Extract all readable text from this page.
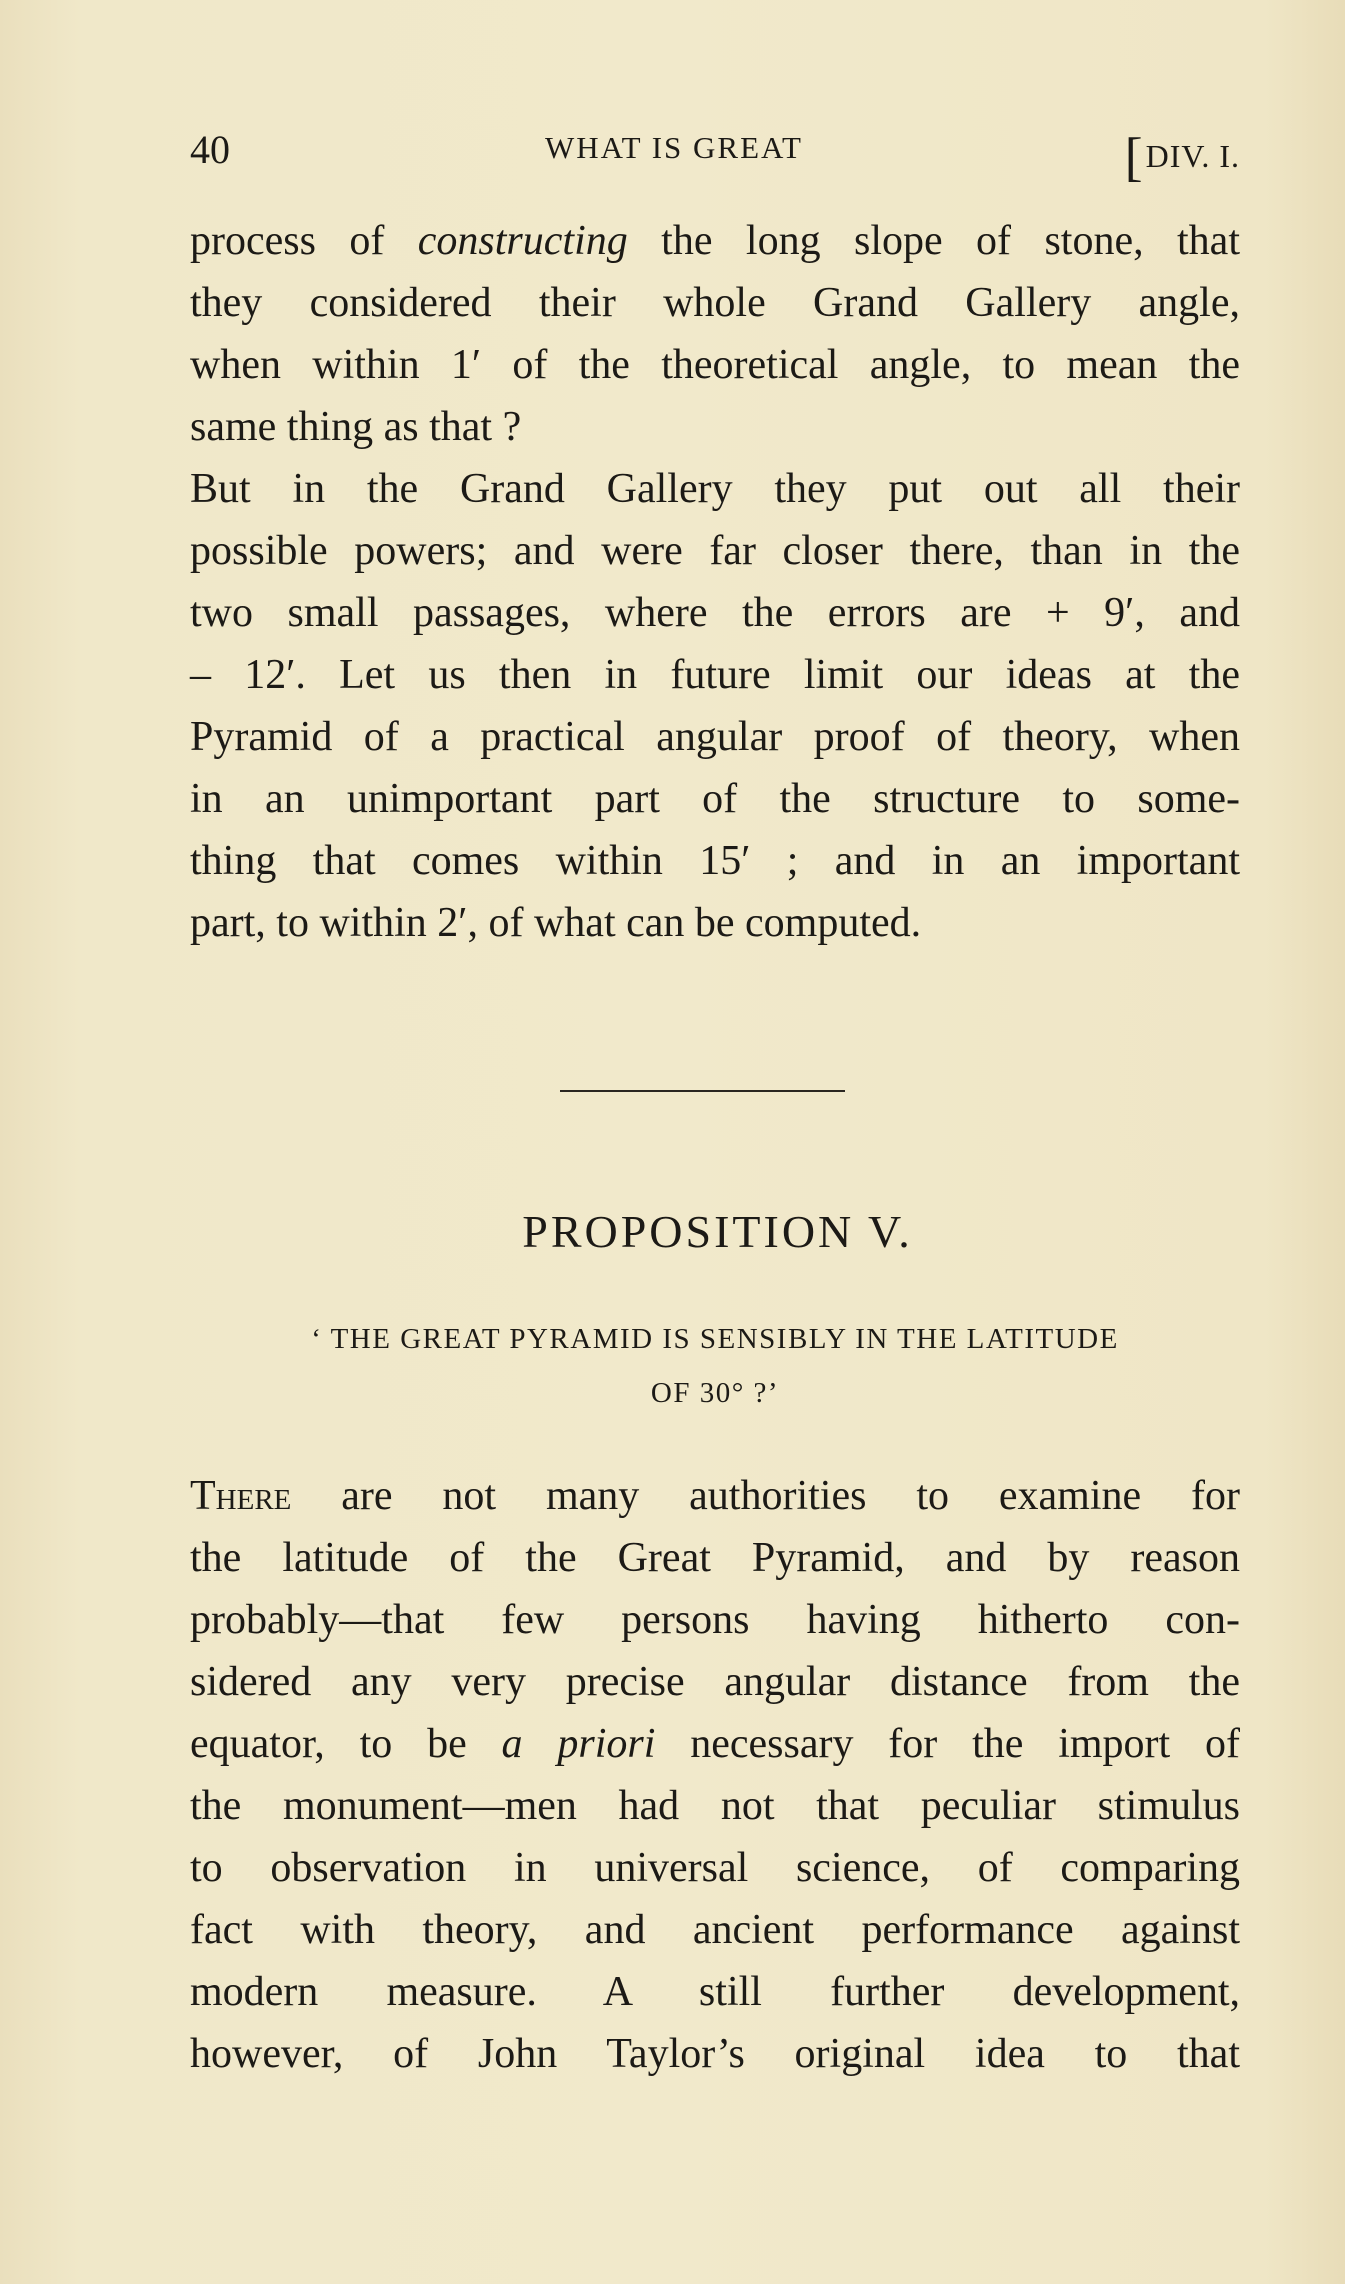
40	WHAT IS GREAT	[DIV. I.

process of constructing the long slope of stone, that
they considered their whole Grand Gallery angle,
when within 1′ of the theoretical angle, to mean the
same thing as that ?

But in the Grand Gallery they put out all their
possible powers; and were far closer there, than in the
two small passages, where the errors are + 9′, and
– 12′. Let us then in future limit our ideas at the
Pyramid of a practical angular proof of theory, when
in an unimportant part of the structure to some-
thing that comes within 15′ ; and in an important
part, to within 2′, of what can be computed.

PROPOSITION V.
‘ THE GREAT PYRAMID IS SENSIBLY IN THE LATITUDE
OF 30° ?’

There are not many authorities to examine for
the latitude of the Great Pyramid, and by reason
probably—that few persons having hitherto con-
sidered any very precise angular distance from the
equator, to be a priori necessary for the import of
the monument—men had not that peculiar stimulus
to observation in universal science, of comparing
fact with theory, and ancient performance against
modern measure. A still further development,
however, of John Taylor’s original idea to that
